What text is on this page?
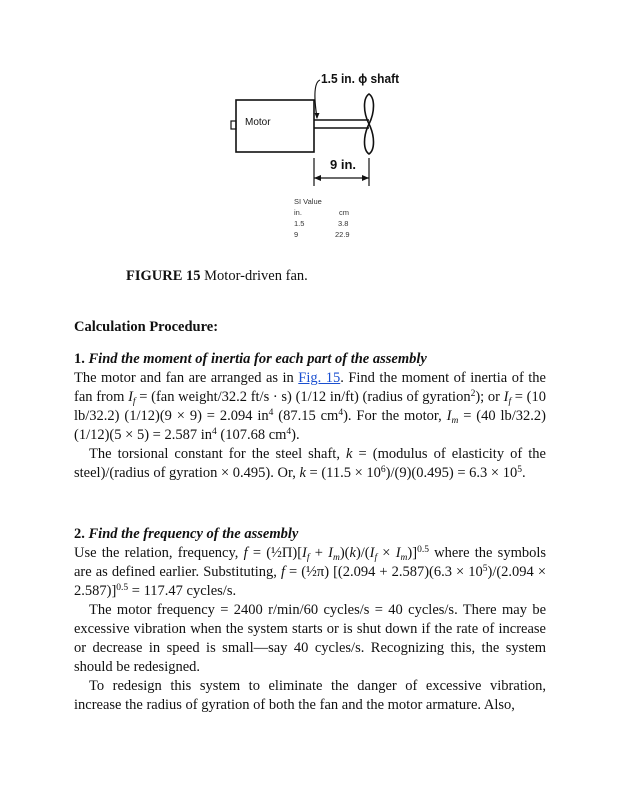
Motor
1.5 in. ϕ shaft
9 in.
SI Value
in.	cm
1.5	3.8
9	22.9
FIGURE 15 Motor-driven fan.
Calculation Procedure:
1. Find the moment of inertia for each part of the assembly
The motor and fan are arranged as in Fig. 15. Find the moment of inertia of the fan from $I_f = (fan$ weight/32.2 ft/s · s) (1/12 in/ft) (radius of gyration$^2$); or $I_f = (10$ lb/32.2) (1/12)(9 × 9) = 2.094 $in^4$ (87.15 $cm^4$). For the motor, $I_m = (40$ lb/32.2) (1/12)(5 × 5) = 2.587 $in^4$ (107.68 $cm^4$).
The torsional constant for the steel shaft, k = (modulus of elasticity of the steel)/(radius of gyration × 0.495). Or, $k = (11.5 \times 10^6)/(9)(0.495) = 6.3 \times 10^5$.
2. Find the frequency of the assembly
Use the relation, frequency, $f = (\frac{1}{2}\Pi)[I_f + I_m)(k)/(I_f \times I_m)]^{0.5}$ where the symbols are as defined earlier. Substituting, f = (½π) $[(2.094 + 2.587)(6.3 \times 10^5)/(2.094 \times 2.587)]^{0.5} = 117.47$ cycles/s.
The motor frequency = 2400 r/min/60 cycles/s = 40 cycles/s. There may be excessive vibration when the system starts or is shut down if the rate of increase or decrease in speed is small—say 40 cycles/s. Recognizing this, the system should be redesigned.
To redesign this system to eliminate the danger of excessive vibration, increase the radius of gyration of both the fan and the motor armature. Also,
